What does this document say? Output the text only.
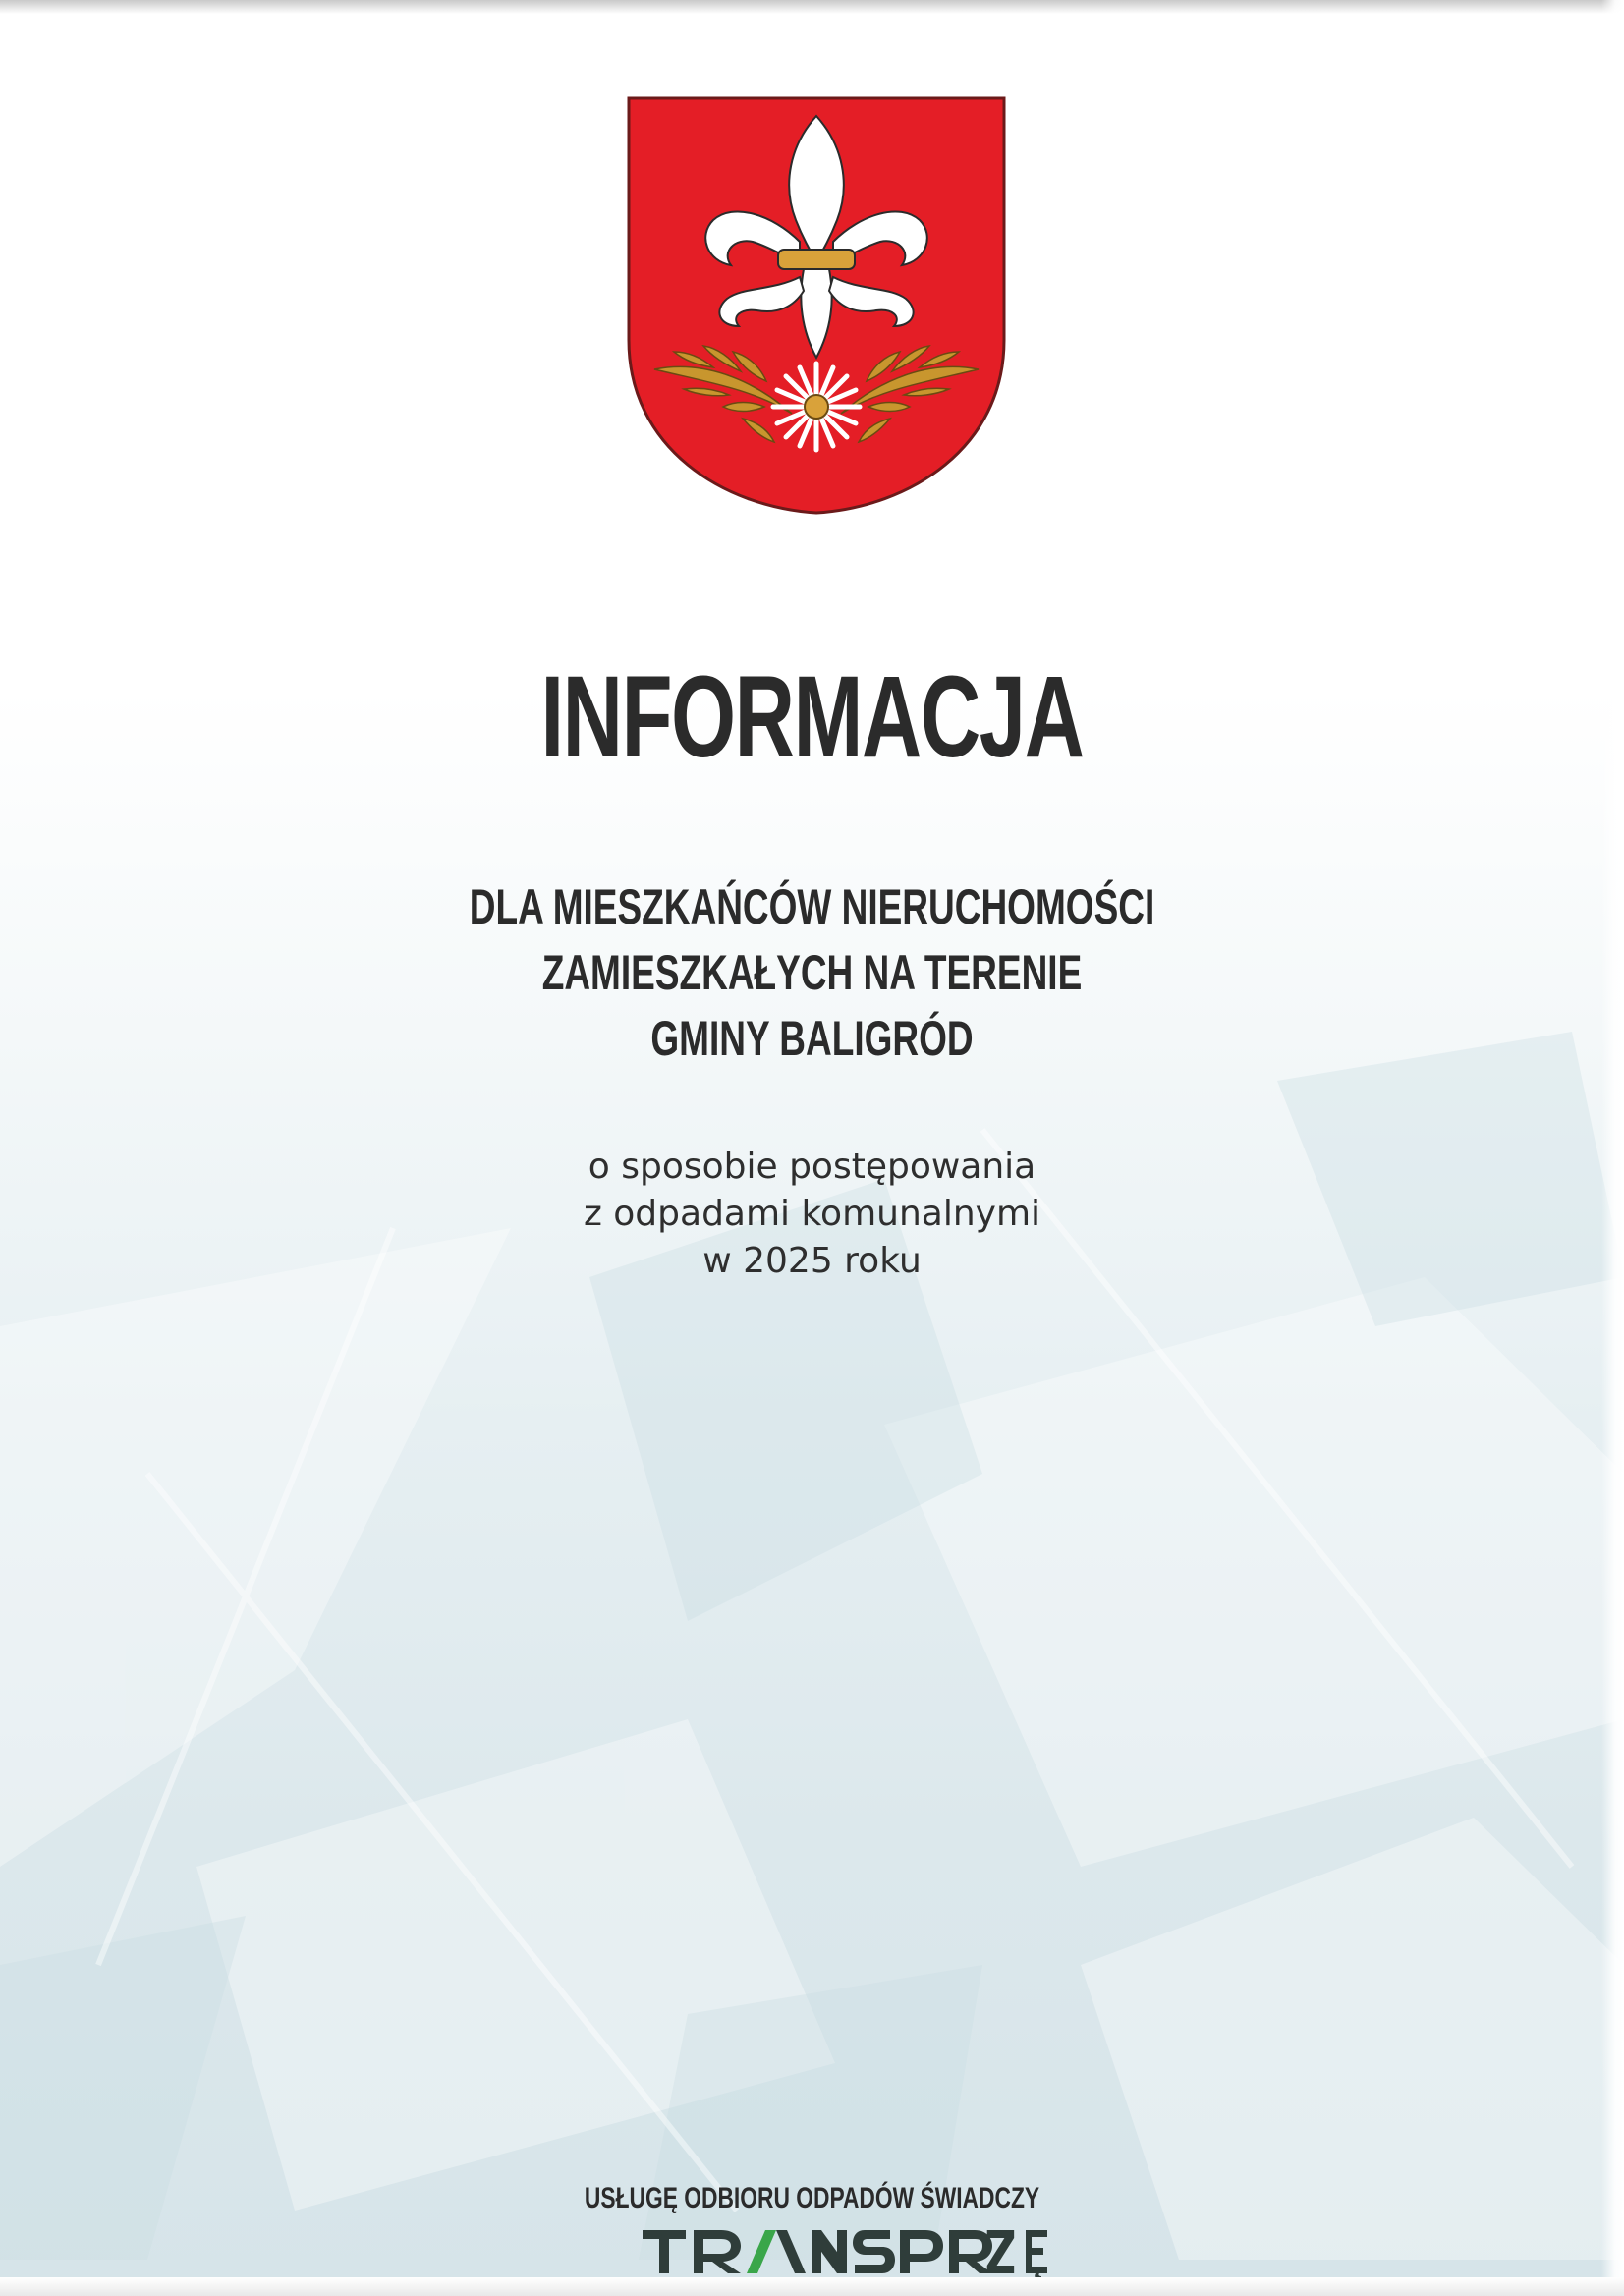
INFORMACJA
DLA MIESZKAŃCÓW NIERUCHOMOŚCI
ZAMIESZKAŁYCH NA TERENIE
GMINY BALIGRÓD
o sposobie postępowania
z odpadami komunalnymi
w 2025 roku
USŁUGĘ ODBIORU ODPADÓW ŚWIADCZY
